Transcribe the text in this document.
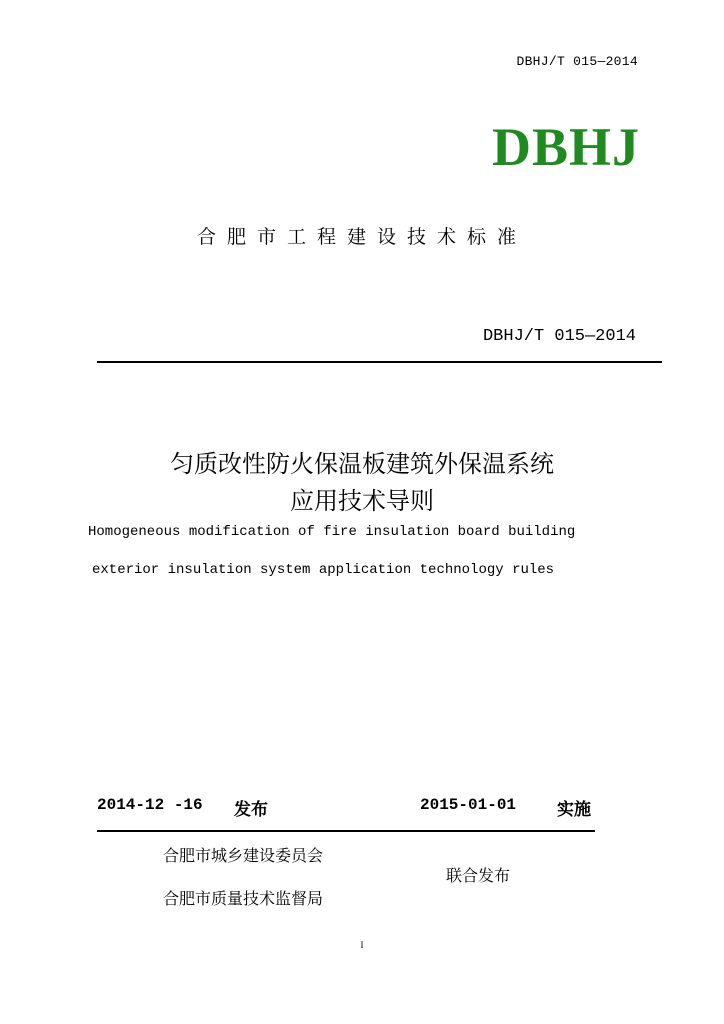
DBHJ/T 015—2014
DBHJ
合肥市工程建设技术标准
DBHJ/T 015—2014
匀质改性防火保温板建筑外保温系统
应用技术导则
Homogeneous modification of fire insulation board building
exterior insulation system application technology rules
2014-12 -16 发布	2015-01-01 实施
合肥市城乡建设委员会
合肥市质量技术监督局
联合发布
I
